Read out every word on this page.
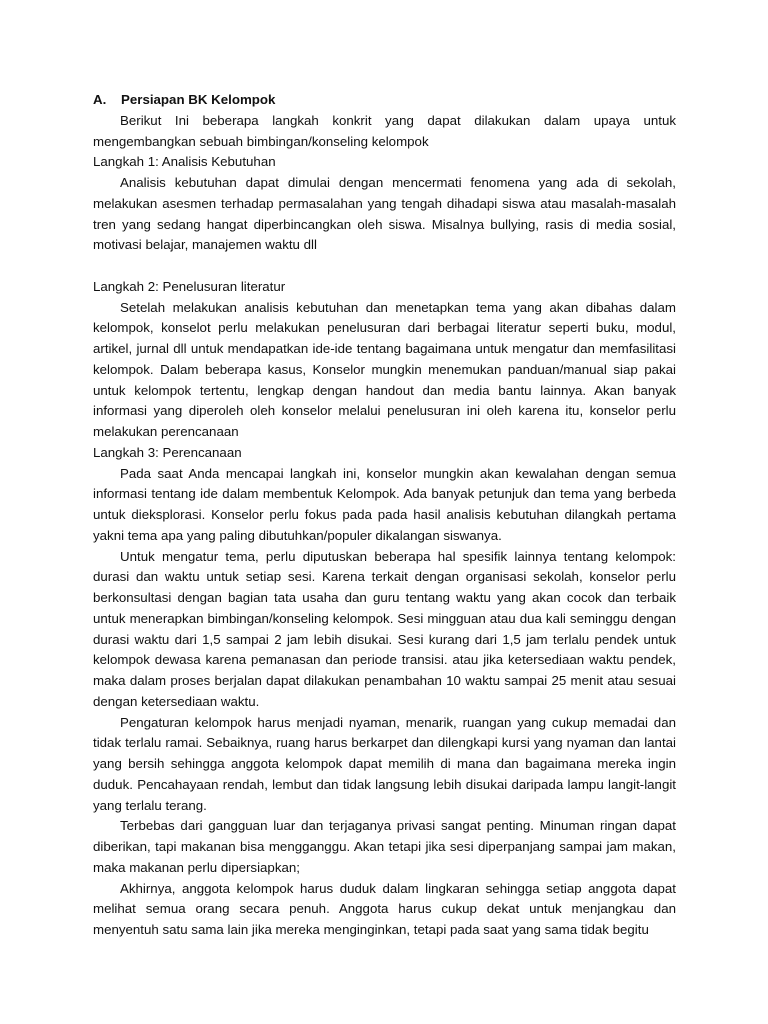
A. Persiapan BK Kelompok

Berikut Ini beberapa langkah konkrit yang dapat dilakukan dalam upaya untuk mengembangkan sebuah bimbingan/konseling kelompok

Langkah 1: Analisis Kebutuhan

Analisis kebutuhan dapat dimulai dengan mencermati fenomena yang ada di sekolah, melakukan asesmen terhadap permasalahan yang tengah dihadapi siswa atau masalah-masalah tren yang sedang hangat diperbincangkan oleh siswa. Misalnya bullying, rasis di media sosial, motivasi belajar, manajemen waktu dll

Langkah 2: Penelusuran literatur

Setelah melakukan analisis kebutuhan dan menetapkan tema yang akan dibahas dalam kelompok, konselot perlu melakukan penelusuran dari berbagai literatur seperti buku, modul, artikel, jurnal dll untuk mendapatkan ide-ide tentang bagaimana untuk mengatur dan memfasilitasi kelompok. Dalam beberapa kasus, Konselor mungkin menemukan panduan/manual siap pakai untuk kelompok tertentu, lengkap dengan handout dan media bantu lainnya. Akan banyak informasi yang diperoleh oleh konselor melalui penelusuran ini oleh karena itu, konselor perlu melakukan perencanaan

Langkah 3: Perencanaan

Pada saat Anda mencapai langkah ini, konselor mungkin akan kewalahan dengan semua informasi tentang ide dalam membentuk Kelompok. Ada banyak petunjuk dan tema yang berbeda untuk dieksplorasi. Konselor perlu fokus pada pada hasil analisis kebutuhan dilangkah pertama yakni tema apa yang paling dibutuhkan/populer dikalangan siswanya.

Untuk mengatur tema, perlu diputuskan beberapa hal spesifik lainnya tentang kelompok: durasi dan waktu untuk setiap sesi. Karena terkait dengan organisasi sekolah, konselor perlu berkonsultasi dengan bagian tata usaha dan guru tentang waktu yang akan cocok dan terbaik untuk menerapkan bimbingan/konseling kelompok. Sesi mingguan atau dua kali seminggu dengan durasi waktu dari 1,5 sampai 2 jam lebih disukai. Sesi kurang dari 1,5 jam terlalu pendek untuk kelompok dewasa karena pemanasan dan periode transisi. atau jika ketersediaan waktu pendek, maka dalam proses berjalan dapat dilakukan penambahan 10 waktu sampai 25 menit atau sesuai dengan ketersediaan waktu.

Pengaturan kelompok harus menjadi nyaman, menarik, ruangan yang cukup memadai dan tidak terlalu ramai. Sebaiknya, ruang harus berkarpet dan dilengkapi kursi yang nyaman dan lantai yang bersih sehingga anggota kelompok dapat memilih di mana dan bagaimana mereka ingin duduk. Pencahayaan rendah, lembut dan tidak langsung lebih disukai daripada lampu langit-langit yang terlalu terang.

Terbebas dari gangguan luar dan terjaganya privasi sangat penting. Minuman ringan dapat diberikan, tapi makanan bisa mengganggu. Akan tetapi jika sesi diperpanjang sampai jam makan, maka makanan perlu dipersiapkan;

Akhirnya, anggota kelompok harus duduk dalam lingkaran sehingga setiap anggota dapat melihat semua orang secara penuh. Anggota harus cukup dekat untuk menjangkau dan menyentuh satu sama lain jika mereka menginginkan, tetapi pada saat yang sama tidak begitu
